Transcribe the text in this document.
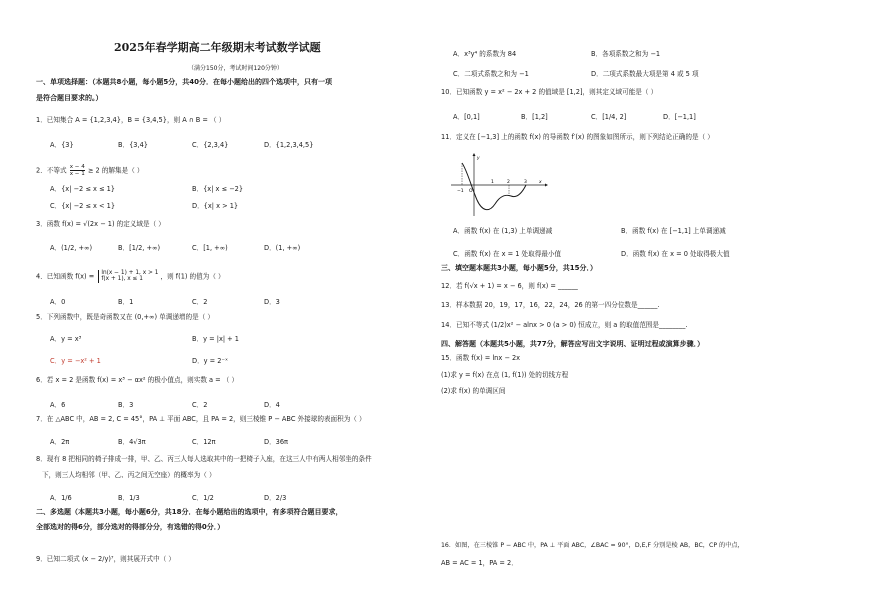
2025年春学期高二年级期末考试数学试题
（满分150分，考试时间120分钟）
一、单项选择题：（本题共8小题，每小题5分，共40分．在每小题给出的四个选项中，只有一项
是符合题目要求的。）
1．已知集合 A = {1,2,3,4}，B = {3,4,5}，则 A ∩ B = （ ）
A．{3}	B．{3,4}	C．{2,3,4}	D．{1,2,3,4,5}
2．不等式 $\frac{x - 4}{x - 1} \ge 2$ 的解集是（ ）
A．{x| −2 ≤ x ≤ 1}	B．{x| x ≤ −2}
C．{x| −2 ≤ x < 1}	D．{x| x > 1}
3．函数 f(x) = √(2x − 1) 的定义域是（ ）
A．(1/2, +∞)	B．[1/2, +∞)	C．[1, +∞)	D．(1, +∞)
4．已知函数 f(x) = ln(x − 1) + 1, x > 1
f(x + 1), x ≤ 1	，则 f(1) 的值为（ ）
A．0	B．1	C．2	D．3
5．下列函数中，既是奇函数又在 (0,+∞) 单调递增的是（ ）
A．y = x³	B．y = |x| + 1
C．y = −x² + 1	D．y = 2⁻ˣ
6．若 x = 2 是函数 f(x) = x³ − αx² 的极小值点，则实数 a = （ ）
A．6	B．3	C．2	D．4
7．在 △ABC 中，AB = 2, C = 45°，PA ⊥ 平面 ABC，且 PA = 2，则三棱锥 P − ABC 外接球的表面积为（ ）
A．2π	B．4√3π	C．12π	D．36π
8．现有 8 把相同的椅子排成一排，甲、乙、丙三人每人选取其中的一把椅子入座，在这三人中有两人相邻坐的条件
下，则三人均相邻（甲、乙、丙之间无空座）的概率为（ ）
A．1/6	B．1/3	C．1/2	D．2/3
二、多选题（本题共3小题，每小题6分，共18分．在每小题给出的选项中，有多项符合题目要求，
全部选对的得6分，部分选对的得部分分，有选错的得0分．）
9．已知二项式 (x − 2/y)⁷，则其展开式中（ ）
A．x³y⁴ 的系数为 84	B．各项系数之和为 −1
C．二项式系数之和为 −1	D．二项式系数最大项是第 4 或 5 项
10．已知函数 y = x² − 2x + 2 的值域是 [1,2]，则其定义域可能是（ ）
A．[0,1]	B．[1,2]	C．[1/4, 2]	D．[−1,1]
11．定义在 [−1,3] 上的函数 f(x) 的导函数 f′(x) 的图象如图所示，则下列结论正确的是（ ）
−1 O
1	2	3	x
y
A．函数 f(x) 在 (1,3) 上单调递减	B．函数 f(x) 在 [−1,1] 上单调递减
C．函数 f(x) 在 x = 1 处取得最小值	D．函数 f(x) 在 x = 0 处取得极大值
三、填空题本题共3小题，每小题5分，共15分．）
12．若 f(√x + 1) = x − 6，则 f(x) = ______
13．样本数据 20，19，17，16，22，24，26 的第一四分位数是______.
14．已知不等式 (1/2)x² − alnx > 0 (a > 0) 恒成立，则 a 的取值范围是________.
四、解答题（本题共5小题，共77分，解答应写出文字说明、证明过程或演算步骤．）
15．函数 f(x) = lnx − 2x
(1)求 y = f(x) 在点 (1, f(1)) 处的切线方程
(2)求 f(x) 的单调区间
16．如图，在三棱锥 P − ABC 中，PA ⊥ 平面 ABC，∠BAC = 90°，D,E,F 分别是棱 AB，BC，CP 的中点，
AB = AC = 1，PA = 2．
